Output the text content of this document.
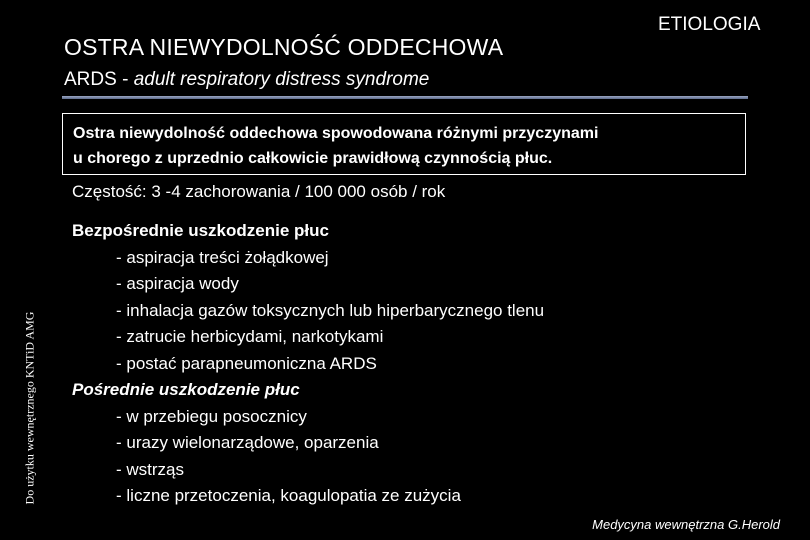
OSTRA NIEWYDOLNOŚĆ ODDECHOWA
ETIOLOGIA
ARDS - adult respiratory distress syndrome
Ostra niewydolność oddechowa spowodowana różnymi przyczynami
u chorego z uprzednio całkowicie prawidłową czynnością płuc.
Częstość: 3 -4 zachorowania / 100 000 osób / rok
Bezpośrednie uszkodzenie płuc
- aspiracja treści żołądkowej
- aspiracja wody
- inhalacja gazów toksycznych lub hiperbarycznego tlenu
- zatrucie herbicydami, narkotykami
- postać parapneumoniczna ARDS
Pośrednie uszkodzenie płuc
- w przebiegu posocznicy
- urazy wielonarządowe, oparzenia
- wstrząs
- liczne przetoczenia, koagulopatia ze zużycia
Do użytku wewnętrznego KNTiD AMG
Medycyna wewnętrzna G.Herold
